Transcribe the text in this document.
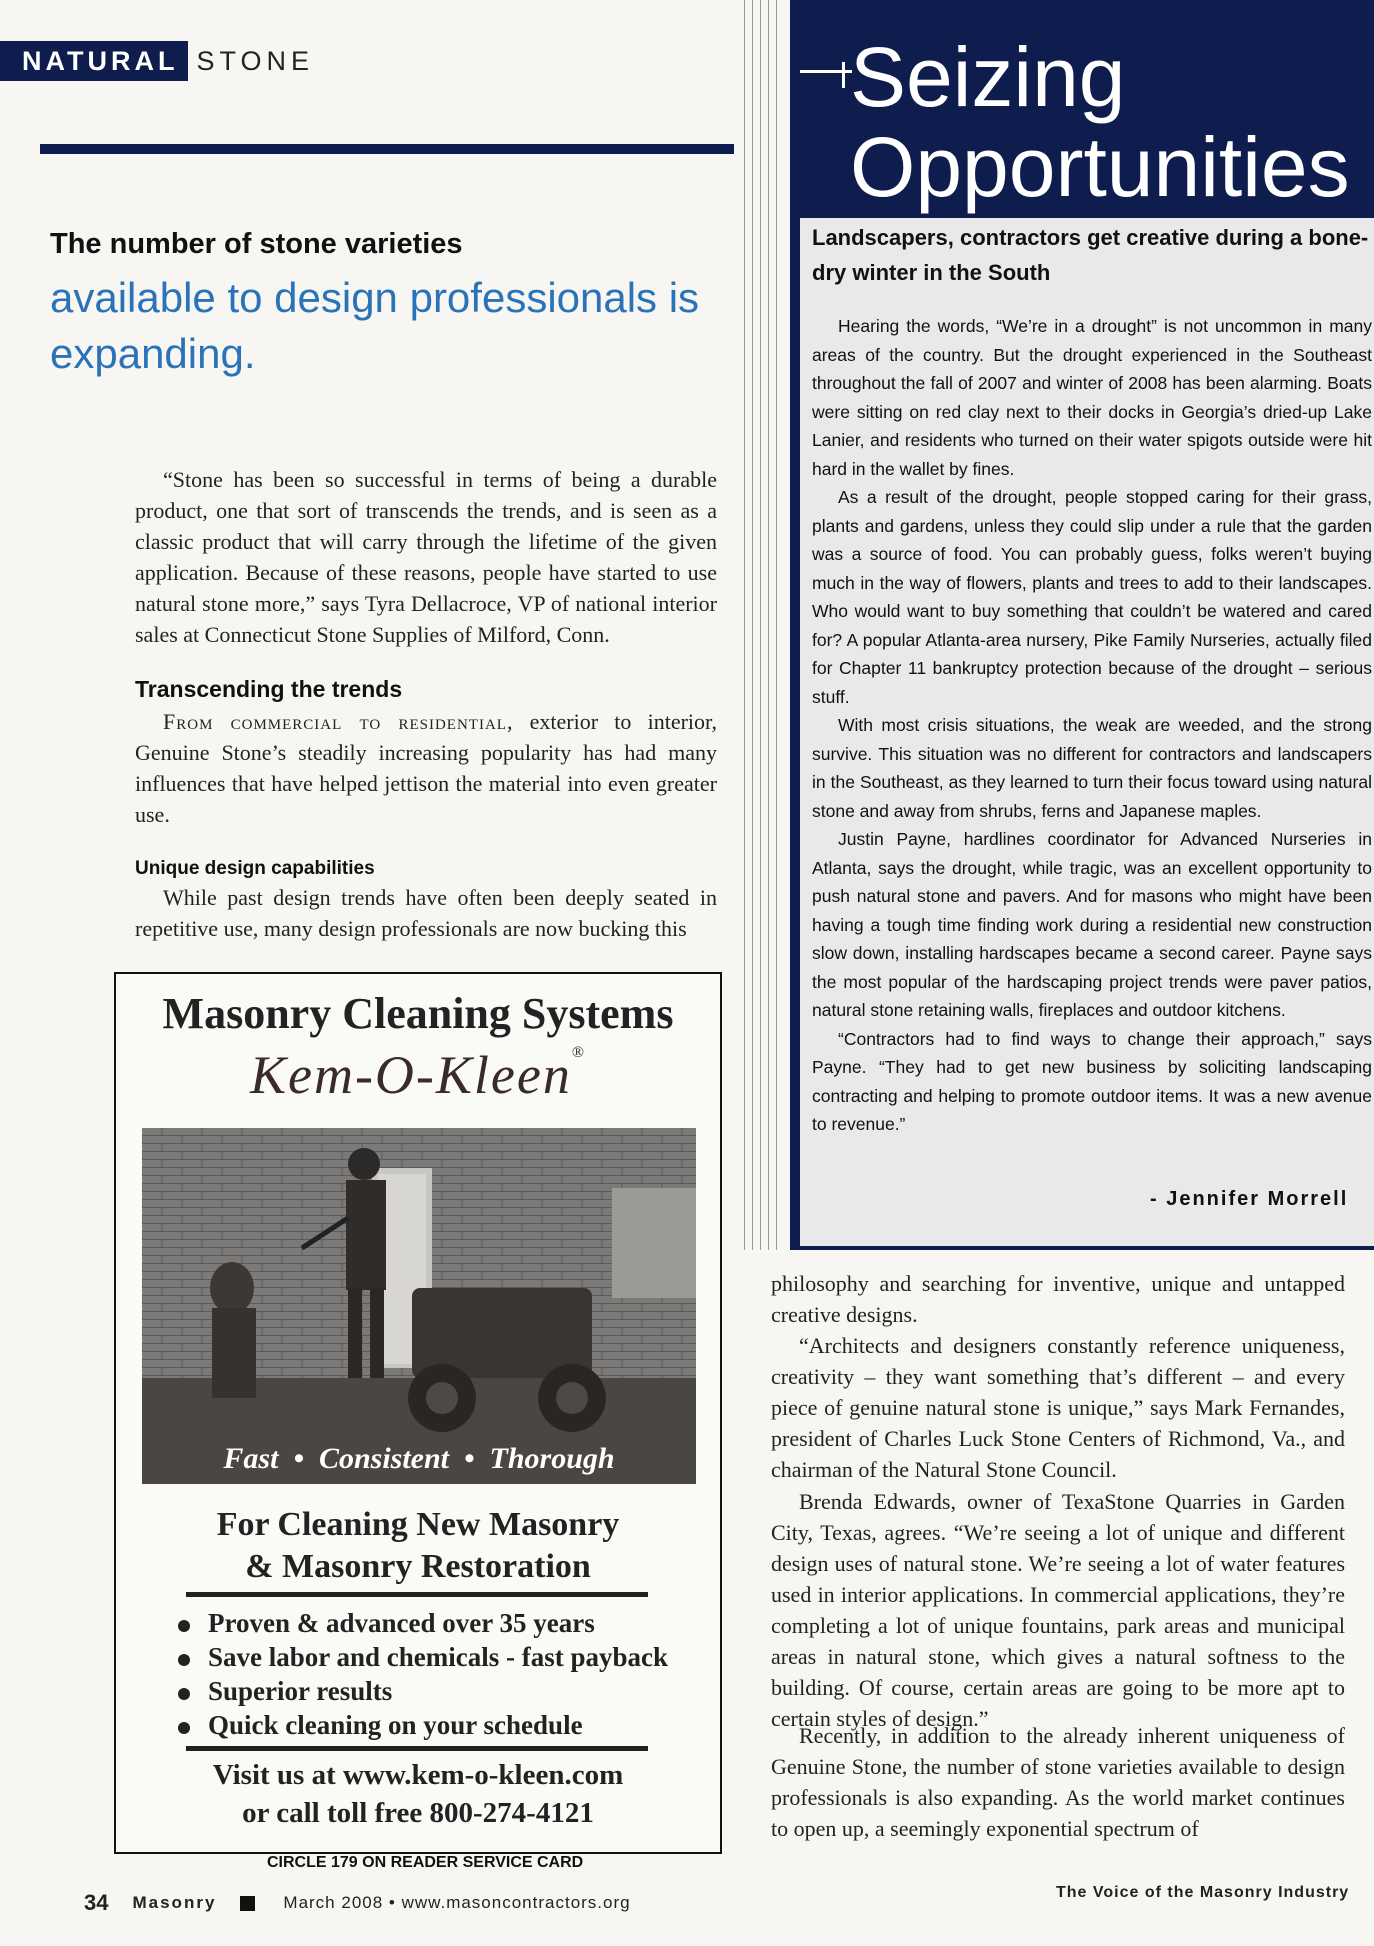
NATURAL STONE
The number of stone varieties
available to design professionals is expanding.
“Stone has been so successful in terms of being a durable product, one that sort of transcends the trends, and is seen as a classic product that will carry through the lifetime of the given application. Because of these reasons, people have started to use natural stone more,” says Tyra Dellacroce, VP of national interior sales at Connecticut Stone Supplies of Milford, Conn.
Transcending the trends
From commercial to residential, exterior to interior, Genuine Stone’s steadily increasing popularity has had many influences that have helped jettison the material into even greater use.
Unique design capabilities
While past design trends have often been deeply seated in repetitive use, many design professionals are now bucking this
Masonry Cleaning Systems
Kem-O-Kleen®
Fast  •  Consistent  •  Thorough
For Cleaning New Masonry
& Masonry Restoration
Proven & advanced over 35 years
Save labor and chemicals - fast payback
Superior results
Quick cleaning on your schedule
Visit us at www.kem-o-kleen.com
or call toll free 800-274-4121
CIRCLE 179 ON READER SERVICE CARD
Seizing
Opportunities
Landscapers, contractors get creative during a bone-dry winter in the South

Hearing the words, “We’re in a drought” is not uncommon in many areas of the country. But the drought experienced in the Southeast throughout the fall of 2007 and winter of 2008 has been alarming. Boats were sitting on red clay next to their docks in Georgia’s dried-up Lake Lanier, and residents who turned on their water spigots outside were hit hard in the wallet by fines.

As a result of the drought, people stopped caring for their grass, plants and gardens, unless they could slip under a rule that the garden was a source of food. You can probably guess, folks weren’t buying much in the way of flowers, plants and trees to add to their landscapes. Who would want to buy something that couldn’t be watered and cared for? A popular Atlanta-area nursery, Pike Family Nurseries, actually filed for Chapter 11 bankruptcy protection because of the drought – serious stuff.

With most crisis situations, the weak are weeded, and the strong survive. This situation was no different for contractors and landscapers in the Southeast, as they learned to turn their focus toward using natural stone and away from shrubs, ferns and Japanese maples.

Justin Payne, hardlines coordinator for Advanced Nurseries in Atlanta, says the drought, while tragic, was an excellent opportunity to push natural stone and pavers. And for masons who might have been having a tough time finding work during a residential new construction slow down, installing hardscapes became a second career. Payne says the most popular of the hardscaping project trends were paver patios, natural stone retaining walls, fireplaces and outdoor kitchens.

“Contractors had to find ways to change their approach,” says Payne. “They had to get new business by soliciting landscaping contracting and helping to promote outdoor items. It was a new avenue to revenue.”

- Jennifer Morrell
philosophy and searching for inventive, unique and untapped creative designs.
“Architects and designers constantly reference uniqueness, creativity – they want something that’s different – and every piece of genuine natural stone is unique,” says Mark Fernandes, president of Charles Luck Stone Centers of Richmond, Va., and chairman of the Natural Stone Council.
Brenda Edwards, owner of TexaStone Quarries in Garden City, Texas, agrees. “We’re seeing a lot of unique and different design uses of natural stone. We’re seeing a lot of water features used in interior applications. In commercial applications, they’re completing a lot of unique fountains, park areas and municipal areas in natural stone, which gives a natural softness to the building. Of course, certain areas are going to be more apt to certain styles of design.”
Recently, in addition to the already inherent uniqueness of Genuine Stone, the number of stone varieties available to design professionals is also expanding. As the world market continues to open up, a seemingly exponential spectrum of
34 Masonry	March 2008 • www.masoncontractors.org
The Voice of the Masonry Industry
